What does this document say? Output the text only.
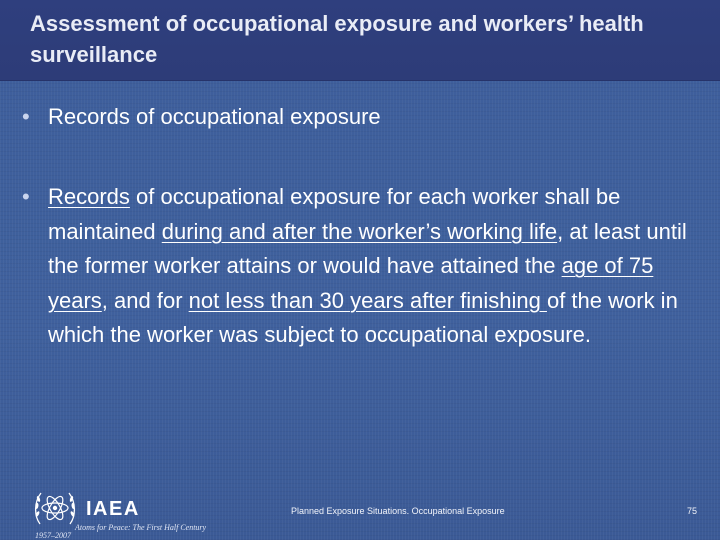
Assessment of occupational exposure and workers’ health surveillance
• Records of occupational exposure

• Records of occupational exposure for each worker shall be maintained during and after the worker’s working life, at least until the former worker attains or would have attained the age of 75 years, and for not less than 30 years after finishing of the work in which the worker was subject to occupational exposure.

IAEA
Atoms for Peace: The First Half Century
1957–2007
Planned Exposure Situations. Occupational Exposure	75
